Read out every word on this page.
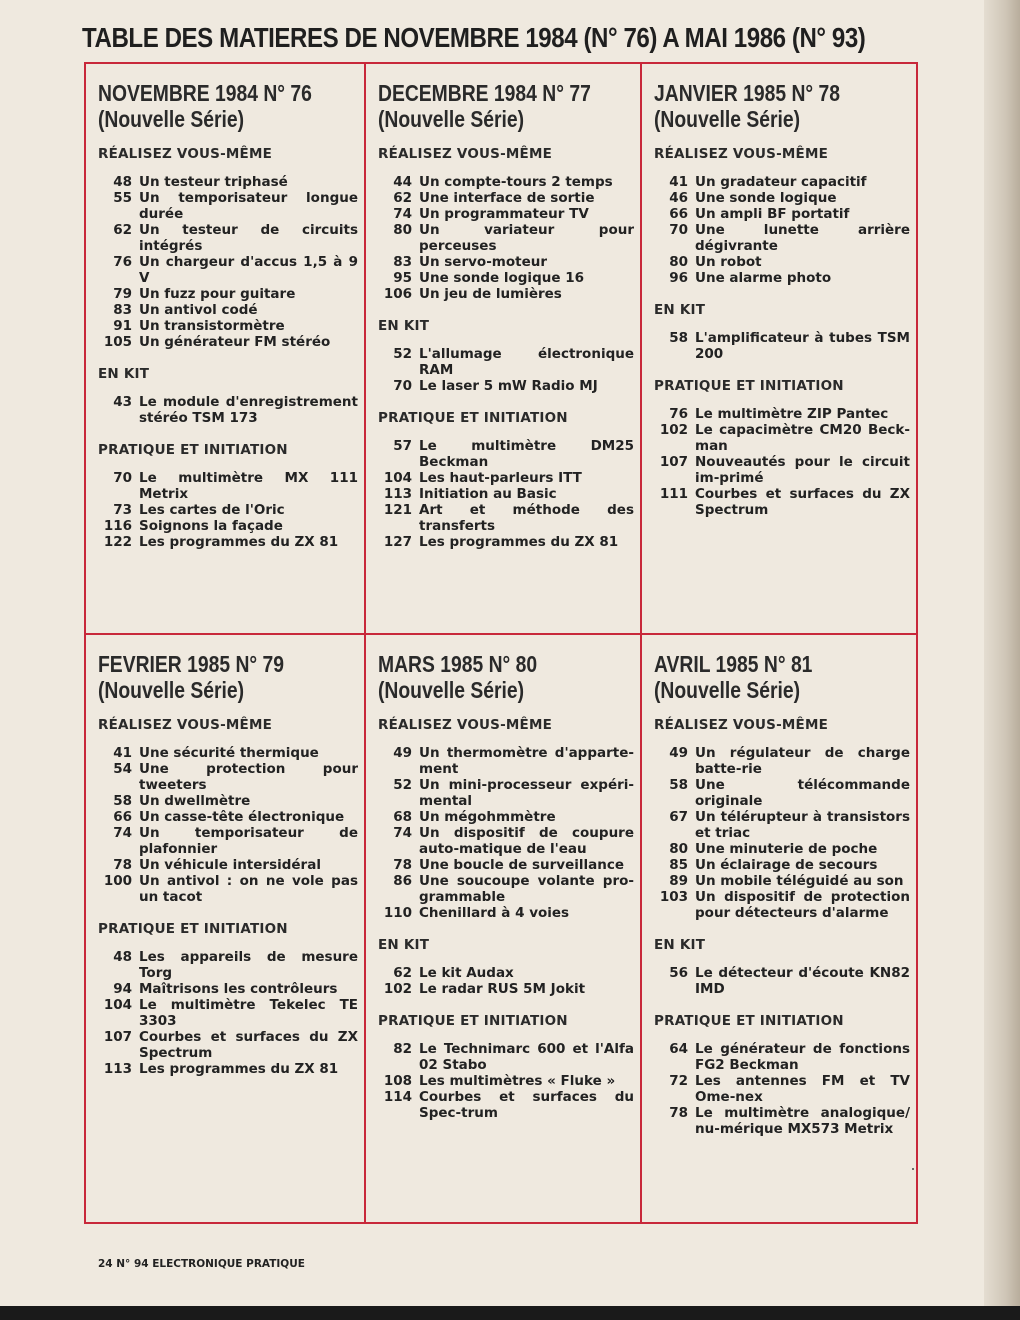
TABLE DES MATIERES DE NOVEMBRE 1984 (N° 76) A MAI 1986 (N° 93)
NOVEMBRE 1984 N° 76
(Nouvelle Série)
RÉALISEZ VOUS-MÊME
48 Un testeur triphasé
55 Un temporisateur longue durée
62 Un testeur de circuits intégrés
76 Un chargeur d'accus 1,5 à 9 V
79 Un fuzz pour guitare
83 Un antivol codé
91 Un transistormètre
105 Un générateur FM stéréo
EN KIT
43 Le module d'enregistrement stéréo TSM 173
PRATIQUE ET INITIATION
70 Le multimètre MX 111 Metrix
73 Les cartes de l'Oric
116 Soignons la façade
122 Les programmes du ZX 81
DECEMBRE 1984 N° 77
(Nouvelle Série)
RÉALISEZ VOUS-MÊME
44 Un compte-tours 2 temps
62 Une interface de sortie
74 Un programmateur TV
80 Un variateur pour perceuses
83 Un servo-moteur
95 Une sonde logique 16
106 Un jeu de lumières
EN KIT
52 L'allumage électronique RAM
70 Le laser 5 mW Radio MJ
PRATIQUE ET INITIATION
57 Le multimètre DM25 Beckman
104 Les haut-parleurs ITT
113 Initiation au Basic
121 Art et méthode des transferts
127 Les programmes du ZX 81
JANVIER 1985 N° 78
(Nouvelle Série)
RÉALISEZ VOUS-MÊME
41 Un gradateur capacitif
46 Une sonde logique
66 Un ampli BF portatif
70 Une lunette arrière dégivrante
80 Un robot
96 Une alarme photo
EN KIT
58 L'amplificateur à tubes TSM 200
PRATIQUE ET INITIATION
76 Le multimètre ZIP Pantec
102 Le capacimètre CM20 Beck-man
107 Nouveautés pour le circuit im-primé
111 Courbes et surfaces du ZX Spectrum
FEVRIER 1985 N° 79
(Nouvelle Série)
RÉALISEZ VOUS-MÊME
41 Une sécurité thermique
54 Une protection pour tweeters
58 Un dwellmètre
66 Un casse-tête électronique
74 Un temporisateur de plafonnier
78 Un véhicule intersidéral
100 Un antivol : on ne vole pas un tacot
PRATIQUE ET INITIATION
48 Les appareils de mesure Torg
94 Maîtrisons les contrôleurs
104 Le multimètre Tekelec TE 3303
107 Courbes et surfaces du ZX Spectrum
113 Les programmes du ZX 81
MARS 1985 N° 80
(Nouvelle Série)
RÉALISEZ VOUS-MÊME
49 Un thermomètre d'apparte-ment
52 Un mini-processeur expéri-mental
68 Un mégohmmètre
74 Un dispositif de coupure auto-matique de l'eau
78 Une boucle de surveillance
86 Une soucoupe volante pro-grammable
110 Chenillard à 4 voies
EN KIT
62 Le kit Audax
102 Le radar RUS 5M Jokit
PRATIQUE ET INITIATION
82 Le Technimarc 600 et l'Alfa 02 Stabo
108 Les multimètres « Fluke »
114 Courbes et surfaces du Spec-trum
AVRIL 1985 N° 81
(Nouvelle Série)
RÉALISEZ VOUS-MÊME
49 Un régulateur de charge batte-rie
58 Une télécommande originale
67 Un télérupteur à transistors et triac
80 Une minuterie de poche
85 Un éclairage de secours
89 Un mobile téléguidé au son
103 Un dispositif de protection pour détecteurs d'alarme
EN KIT
56 Le détecteur d'écoute KN82 IMD
PRATIQUE ET INITIATION
64 Le générateur de fonctions FG2 Beckman
72 Les antennes FM et TV Ome-nex
78 Le multimètre analogique/ nu-mérique MX573 Metrix
24 N° 94 ELECTRONIQUE PRATIQUE
